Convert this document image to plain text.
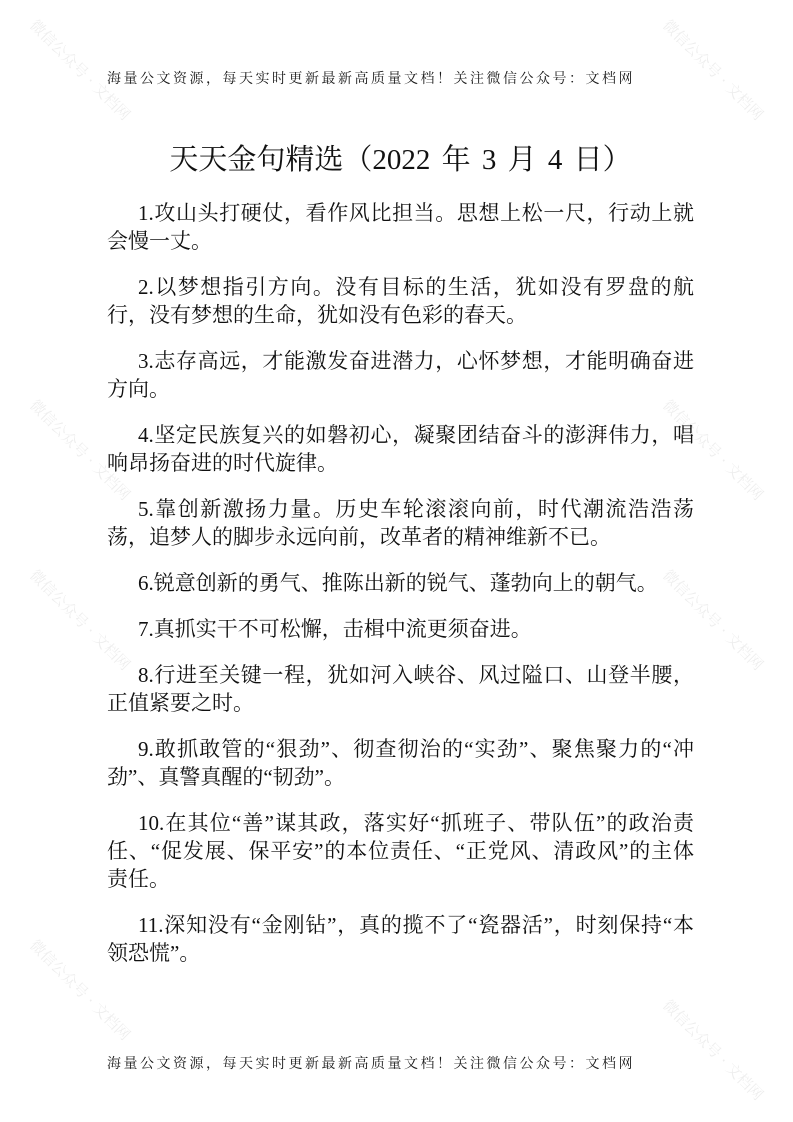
微信公众号 · 文档网	微信公众号 · 文档网
微信公众号 · 文档网	微信公众号 · 文档网
微信公众号 · 文档网	微信公众号 · 文档网
微信公众号 · 文档网
微信公众号 · 文档网
海量公文资源，每天实时更新最新高质量文档！关注微信公众号：文档网
天天金句精选（2022 年 3 月 4 日）
1.攻山头打硬仗，看作风比担当。思想上松一尺，行动上就
会慢一丈。
2.以梦想指引方向。没有目标的生活，犹如没有罗盘的航
行，没有梦想的生命，犹如没有色彩的春天。
3.志存高远，才能激发奋进潜力，心怀梦想，才能明确奋进
方向。
4.坚定民族复兴的如磐初心，凝聚团结奋斗的澎湃伟力，唱
响昂扬奋进的时代旋律。
5.靠创新激扬力量。历史车轮滚滚向前，时代潮流浩浩荡
荡，追梦人的脚步永远向前，改革者的精神维新不已。
6.锐意创新的勇气、推陈出新的锐气、蓬勃向上的朝气。
7.真抓实干不可松懈，击楫中流更须奋进。
8.行进至关键一程，犹如河入峡谷、风过隘口、山登半腰，
正值紧要之时。
9.敢抓敢管的“狠劲”、彻查彻治的“实劲”、聚焦聚力的“冲
劲”、真警真醒的“韧劲”。
10.在其位“善”谋其政，落实好“抓班子、带队伍”的政治责
任、“促发展、保平安”的本位责任、“正党风、清政风”的主体
责任。
11.深知没有“金刚钻”，真的揽不了“瓷器活”，时刻保持“本
领恐慌”。
海量公文资源，每天实时更新最新高质量文档！关注微信公众号：文档网
